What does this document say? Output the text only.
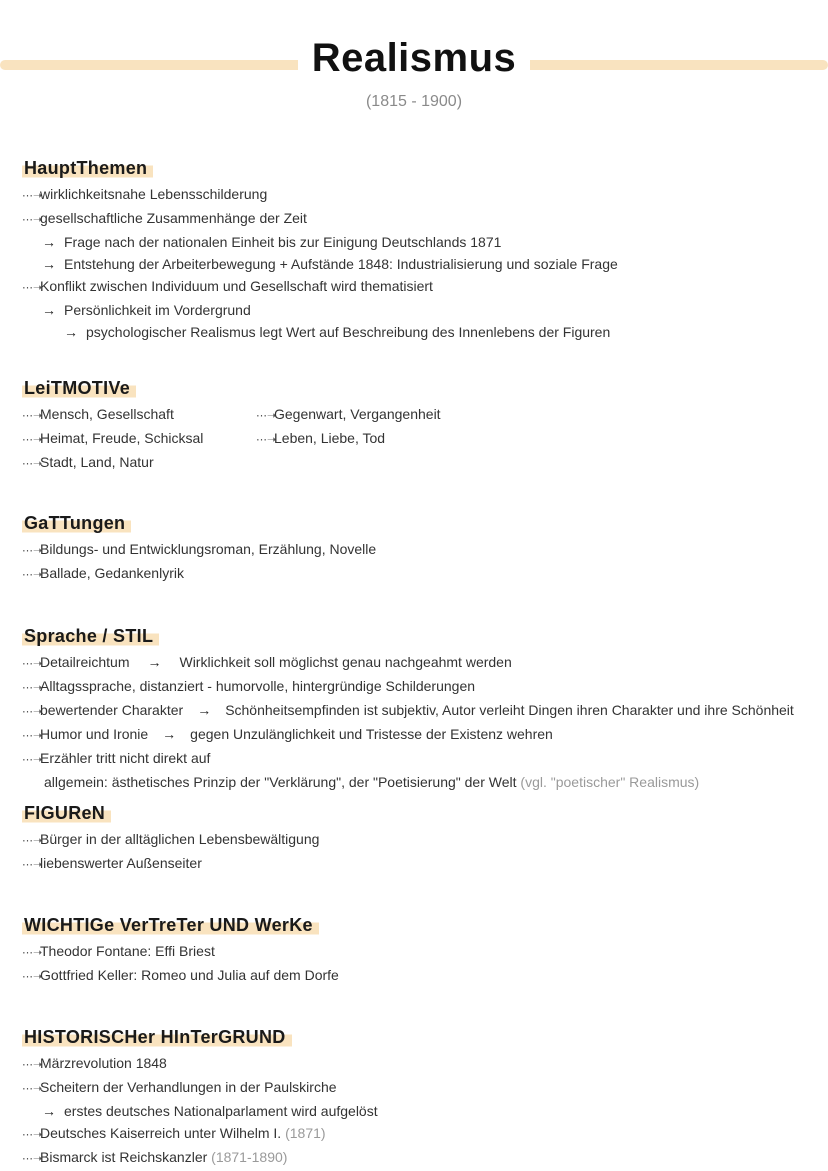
Realismus
(1815 - 1900)
HauptThemen
⋯➝wirklichkeitsnahe Lebensschilderung
⋯➝gesellschaftliche Zusammenhänge der Zeit
→ Frage nach der nationalen Einheit bis zur Einigung Deutschlands 1871
→ Entstehung der Arbeiterbewegung + Aufstände 1848: Industrialisierung und soziale Frage
⋯➝Konflikt zwischen Individuum und Gesellschaft wird thematisiert
→ Persönlichkeit im Vordergrund
→ psychologischer Realismus legt Wert auf Beschreibung des Innenlebens der Figuren
LeiTMOTIVe
⋯➝Mensch, Gesellschaft
⋯➝Heimat, Freude, Schicksal
⋯➝Stadt, Land, Natur
⋯➝Gegenwart, Vergangenheit
⋯➝Leben, Liebe, Tod
GaTTungen
⋯➝Bildungs- und Entwicklungsroman, Erzählung, Novelle
⋯➝Ballade, Gedankenlyrik
Sprache / STIL
⋯➝Detailreichtum → Wirklichkeit soll möglichst genau nachgeahmt werden
⋯➝Alltagssprache, distanziert - humorvolle, hintergründige Schilderungen
⋯➝bewertender Charakter → Schönheitsempfinden ist subjektiv, Autor verleiht Dingen ihren Charakter und ihre Schönheit
⋯➝Humor und Ironie → gegen Unzulänglichkeit und Tristesse der Existenz wehren
⋯➝Erzähler tritt nicht direkt auf
allgemein: ästhetisches Prinzip der "Verklärung", der "Poetisierung" der Welt (vgl. "poetischer" Realismus)
FIGUReN
⋯➝Bürger in der alltäglichen Lebensbewältigung
⋯➝liebenswerter Außenseiter
WICHTIGe VerTreTer UND WerKe
⋯➝Theodor Fontane: Effi Briest
⋯➝Gottfried Keller: Romeo und Julia auf dem Dorfe
HISTORISCHer HInTerGRUND
⋯➝Märzrevolution 1848
⋯➝Scheitern der Verhandlungen in der Paulskirche
→ erstes deutsches Nationalparlament wird aufgelöst
⋯➝Deutsches Kaiserreich unter Wilhelm I. (1871)
⋯➝Bismarck ist Reichskanzler (1871-1890)
